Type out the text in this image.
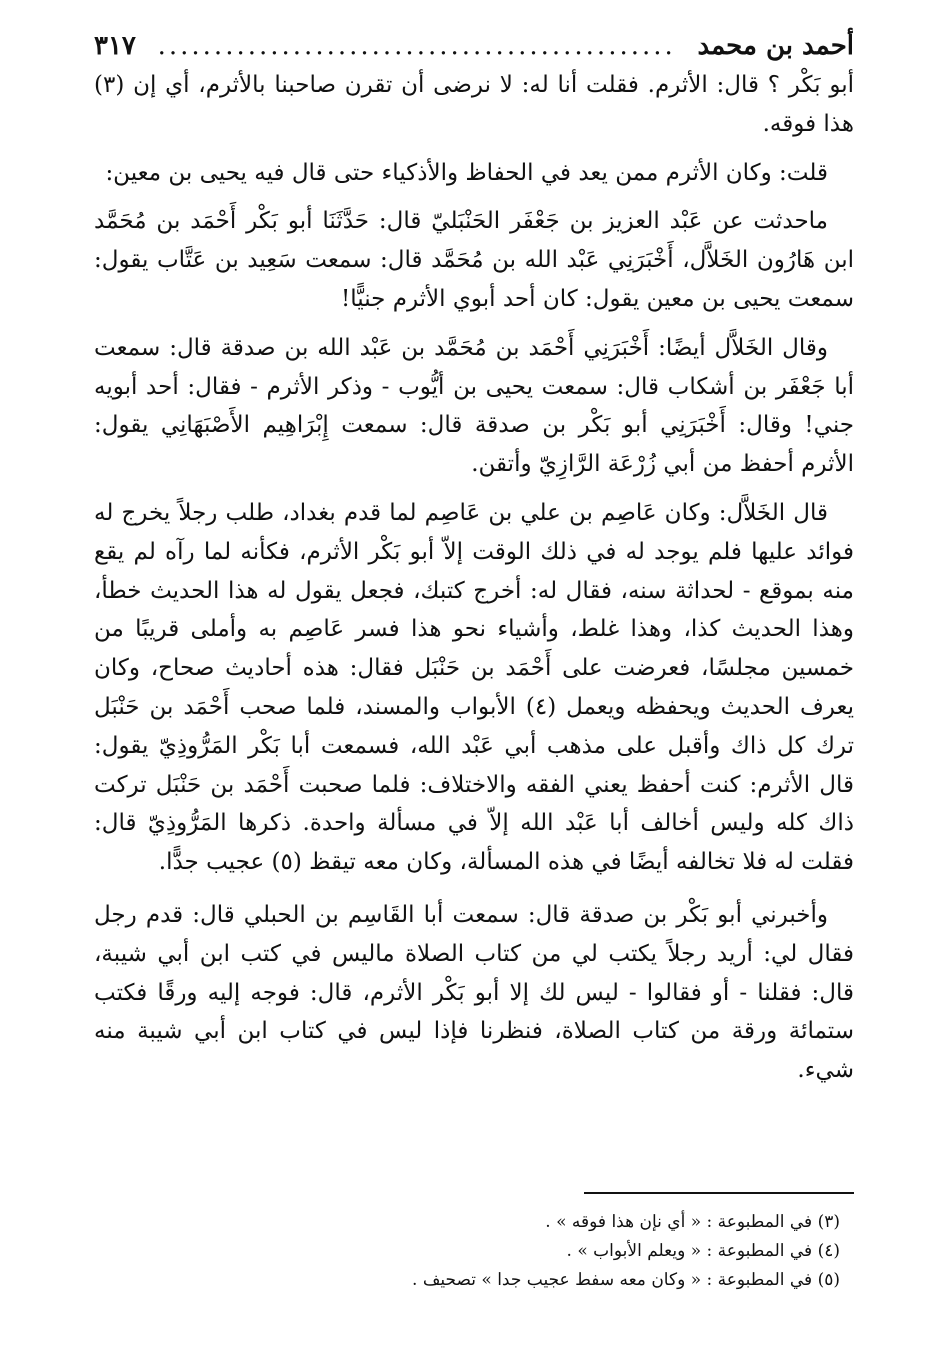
أحمد بن محمد
..............................................
٣١٧

أبو بَكْر ؟ قال: الأثرم. فقلت أنا له: لا نرضى أن تقرن صاحبنا بالأثرم، أي إن (٣) هذا فوقه.

قلت: وكان الأثرم ممن يعد في الحفاظ والأذكياء حتى قال فيه يحيى بن معين:

ماحدثت عن عَبْد العزيز بن جَعْفَر الحَنْبَليّ قال: حَدَّثَنَا أبو بَكْر أَحْمَد بن مُحَمَّد ابن هَارُون الخَلاَّل، أَخْبَرَنِي عَبْد الله بن مُحَمَّد قال: سمعت سَعِيد بن عَتَّاب يقول: سمعت يحيى بن معين يقول: كان أحد أبوي الأثرم جنيًّا!

وقال الخَلاَّل أيضًا: أَخْبَرَنِي أَحْمَد بن مُحَمَّد بن عَبْد الله بن صدقة قال: سمعت أبا جَعْفَر بن أشكاب قال: سمعت يحيى بن أيُّوب - وذكر الأثرم - فقال: أحد أبويه جني! وقال: أَخْبَرَنِي أبو بَكْر بن صدقة قال: سمعت إِبْرَاهِيم الأَصْبَهَانِي يقول: الأثرم أحفظ من أبي زُرْعَة الرَّازِيّ وأتقن.

قال الخَلاَّل: وكان عَاصِم بن علي بن عَاصِم لما قدم بغداد، طلب رجلاً يخرج له فوائد عليها فلم يوجد له في ذلك الوقت إلاّ أبو بَكْر الأثرم، فكأنه لما رآه لم يقع منه بموقع - لحداثة سنه، فقال له: أخرج كتبك، فجعل يقول له هذا الحديث خطأ، وهذا الحديث كذا، وهذا غلط، وأشياء نحو هذا فسر عَاصِم به وأملى قريبًا من خمسين مجلسًا، فعرضت على أَحْمَد بن حَنْبَل فقال: هذه أحاديث صحاح، وكان يعرف الحديث ويحفظه ويعمل (٤) الأبواب والمسند، فلما صحب أَحْمَد بن حَنْبَل ترك كل ذاك وأقبل على مذهب أبي عَبْد الله، فسمعت أبا بَكْر المَرُّوذِيّ يقول: قال الأثرم: كنت أحفظ يعني الفقه والاختلاف: فلما صحبت أَحْمَد بن حَنْبَل تركت ذاك كله وليس أخالف أبا عَبْد الله إلاّ في مسألة واحدة. ذكرها المَرُّوذِيّ قال: فقلت له فلا تخالفه أيضًا في هذه المسألة، وكان معه تيقظ (٥) عجيب جدًّا.

وأخبرني أبو بَكْر بن صدقة قال: سمعت أبا القَاسِم بن الحبلي قال: قدم رجل فقال لي: أريد رجلاً يكتب لي من كتاب الصلاة ماليس في كتب ابن أبي شيبة، قال: فقلنا - أو فقالوا - ليس لك إلا أبو بَكْر الأثرم، قال: فوجه إليه ورقًا فكتب ستمائة ورقة من كتاب الصلاة، فنظرنا فإذا ليس في كتاب ابن أبي شيبة منه شيء.

(٣) في المطبوعة : « أي نإن هذا فوقه » .

(٤) في المطبوعة : « ويعلم الأبواب » .

(٥) في المطبوعة : « وكان معه سفط عجيب جدا » تصحيف .
